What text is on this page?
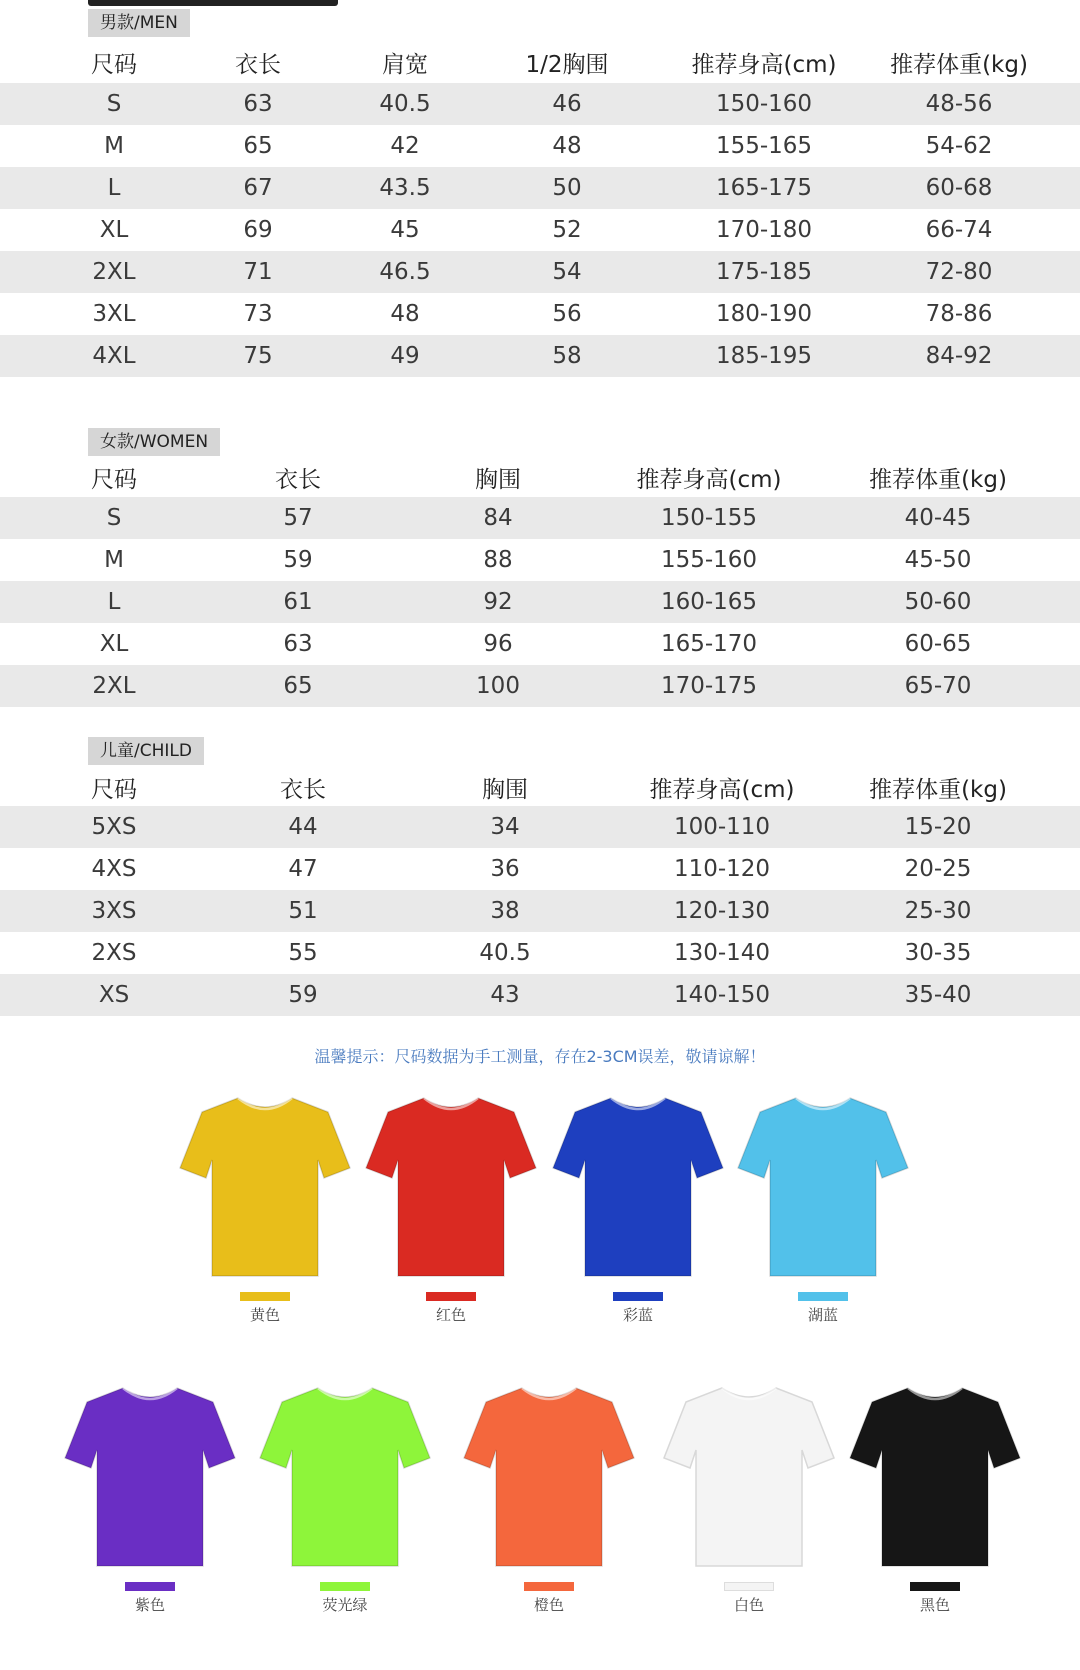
男款/MEN
尺码	衣长	肩宽	1/2胸围	推荐身高(cm) 推荐体重(kg)
S	63	40.5	46	150-160	48-56
M	65	42	48	155-165	54-62
L	67	43.5	50	165-175	60-68
XL	69	45	52	170-180	66-74
2XL	71	46.5	54	175-185	72-80
3XL	73	48	56	180-190	78-86
4XL	75	49	58	185-195	84-92
女款/WOMEN
尺码	衣长	胸围	推荐身高(cm)	推荐体重(kg)
S	57	84	150-155	40-45
M	59	88	155-160	45-50
L	61	92	160-165	50-60
XL	63	96	165-170	60-65
2XL	65	100	170-175	65-70
儿童/CHILD
尺码	衣长	胸围	推荐身高(cm)	推荐体重(kg)
5XS	44	34	100-110	15-20
4XS	47	36	110-120	20-25
3XS	51	38	120-130	25-30
2XS	55	40.5	130-140	30-35
XS	59	43	140-150	35-40
温馨提示：尺码数据为手工测量，存在2-3CM误差，敬请谅解！
黄色	红色	彩蓝	湖蓝
紫色	荧光绿	橙色	白色	黑色
